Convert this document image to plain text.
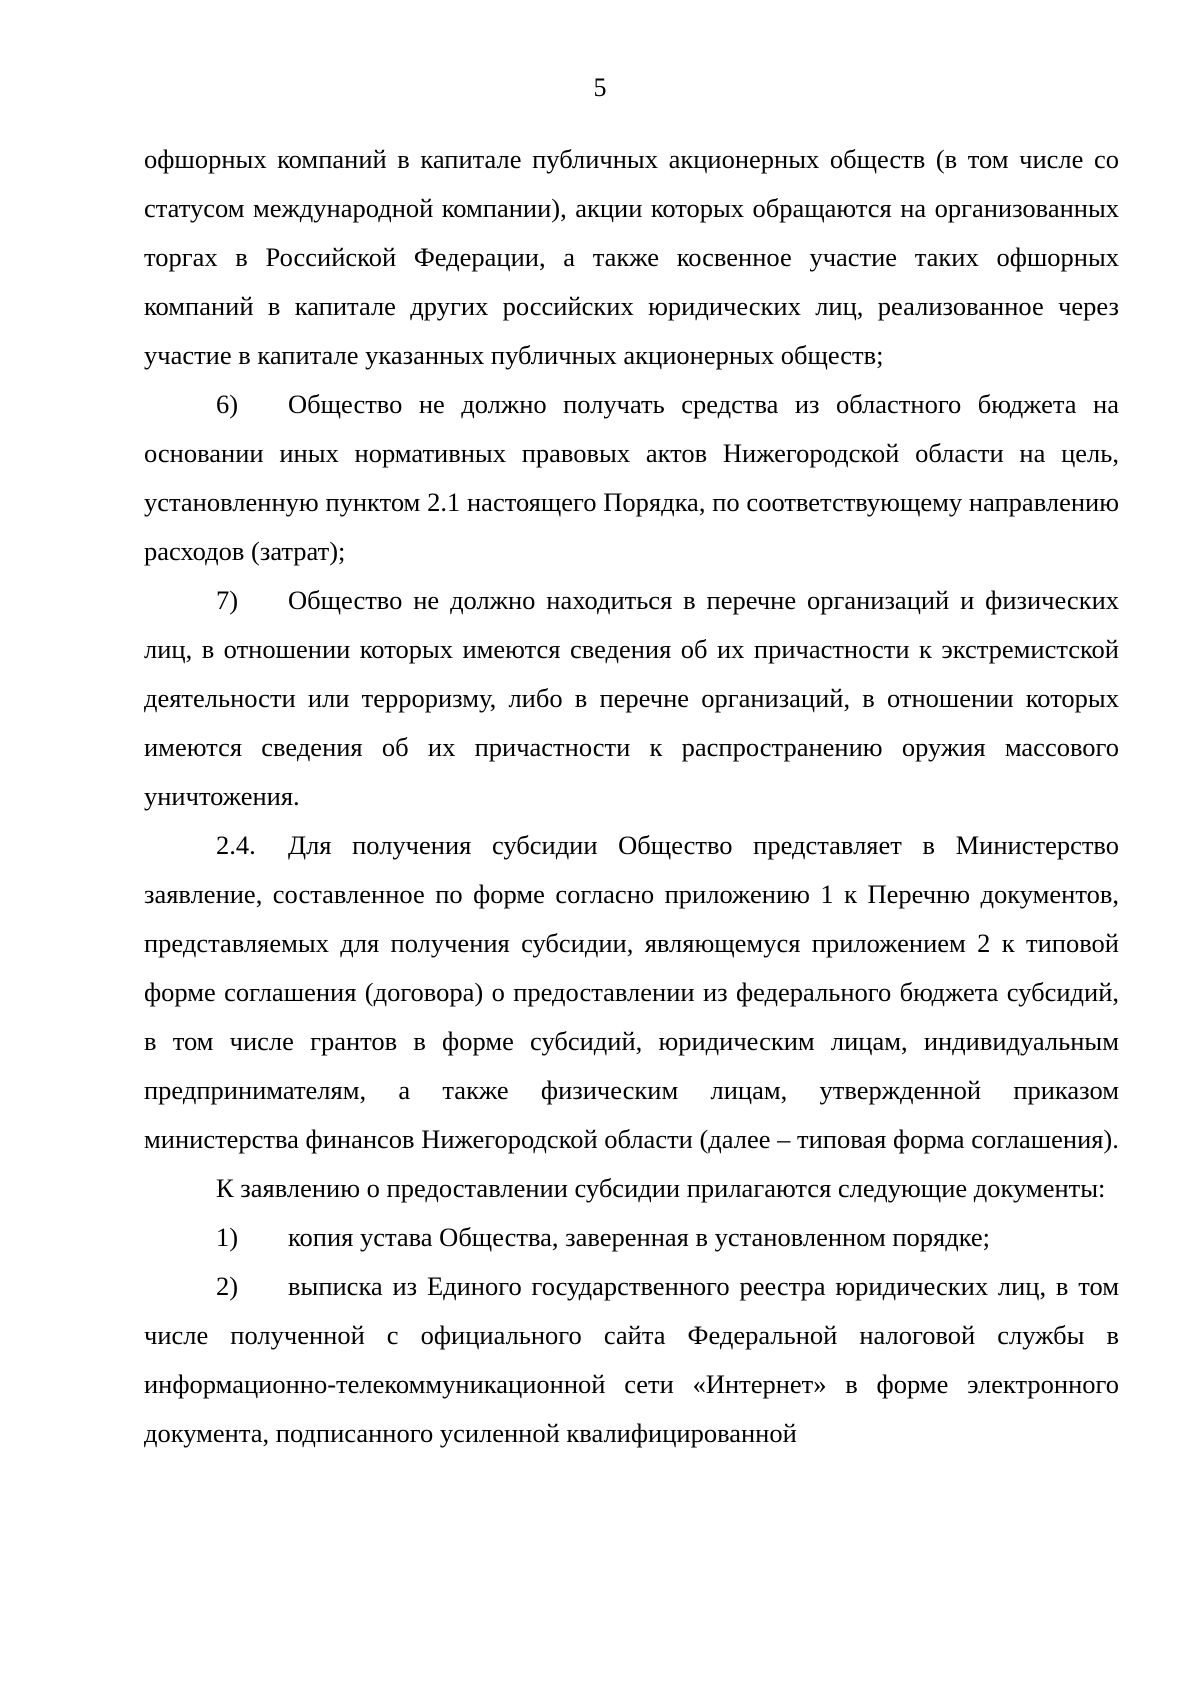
5

офшорных компаний в капитале публичных акционерных обществ (в том числе со статусом международной компании), акции которых обращаются на организованных торгах в Российской Федерации, а также косвенное участие таких офшорных компаний в капитале других российских юридических лиц, реализованное через участие в капитале указанных публичных акционерных обществ;

6) Общество не должно получать средства из областного бюджета на основании иных нормативных правовых актов Нижегородской области на цель, установленную пунктом 2.1 настоящего Порядка, по соответствующему направлению расходов (затрат);

7) Общество не должно находиться в перечне организаций и физических лиц, в отношении которых имеются сведения об их причастности к экстремистской деятельности или терроризму, либо в перечне организаций, в отношении которых имеются сведения об их причастности к распространению оружия массового уничтожения.

2.4. Для получения субсидии Общество представляет в Министерство заявление, составленное по форме согласно приложению 1 к Перечню документов, представляемых для получения субсидии, являющемуся приложением 2 к типовой форме соглашения (договора) о предоставлении из федерального бюджета субсидий, в том числе грантов в форме субсидий, юридическим лицам, индивидуальным предпринимателям, а также физическим лицам, утвержденной приказом министерства финансов Нижегородской области (далее – типовая форма соглашения).

К заявлению о предоставлении субсидии прилагаются следующие документы:

1) копия устава Общества, заверенная в установленном порядке;

2) выписка из Единого государственного реестра юридических лиц, в том числе полученной с официального сайта Федеральной налоговой службы в информационно-телекоммуникационной сети «Интернет» в форме электронного документа, подписанного усиленной квалифицированной
